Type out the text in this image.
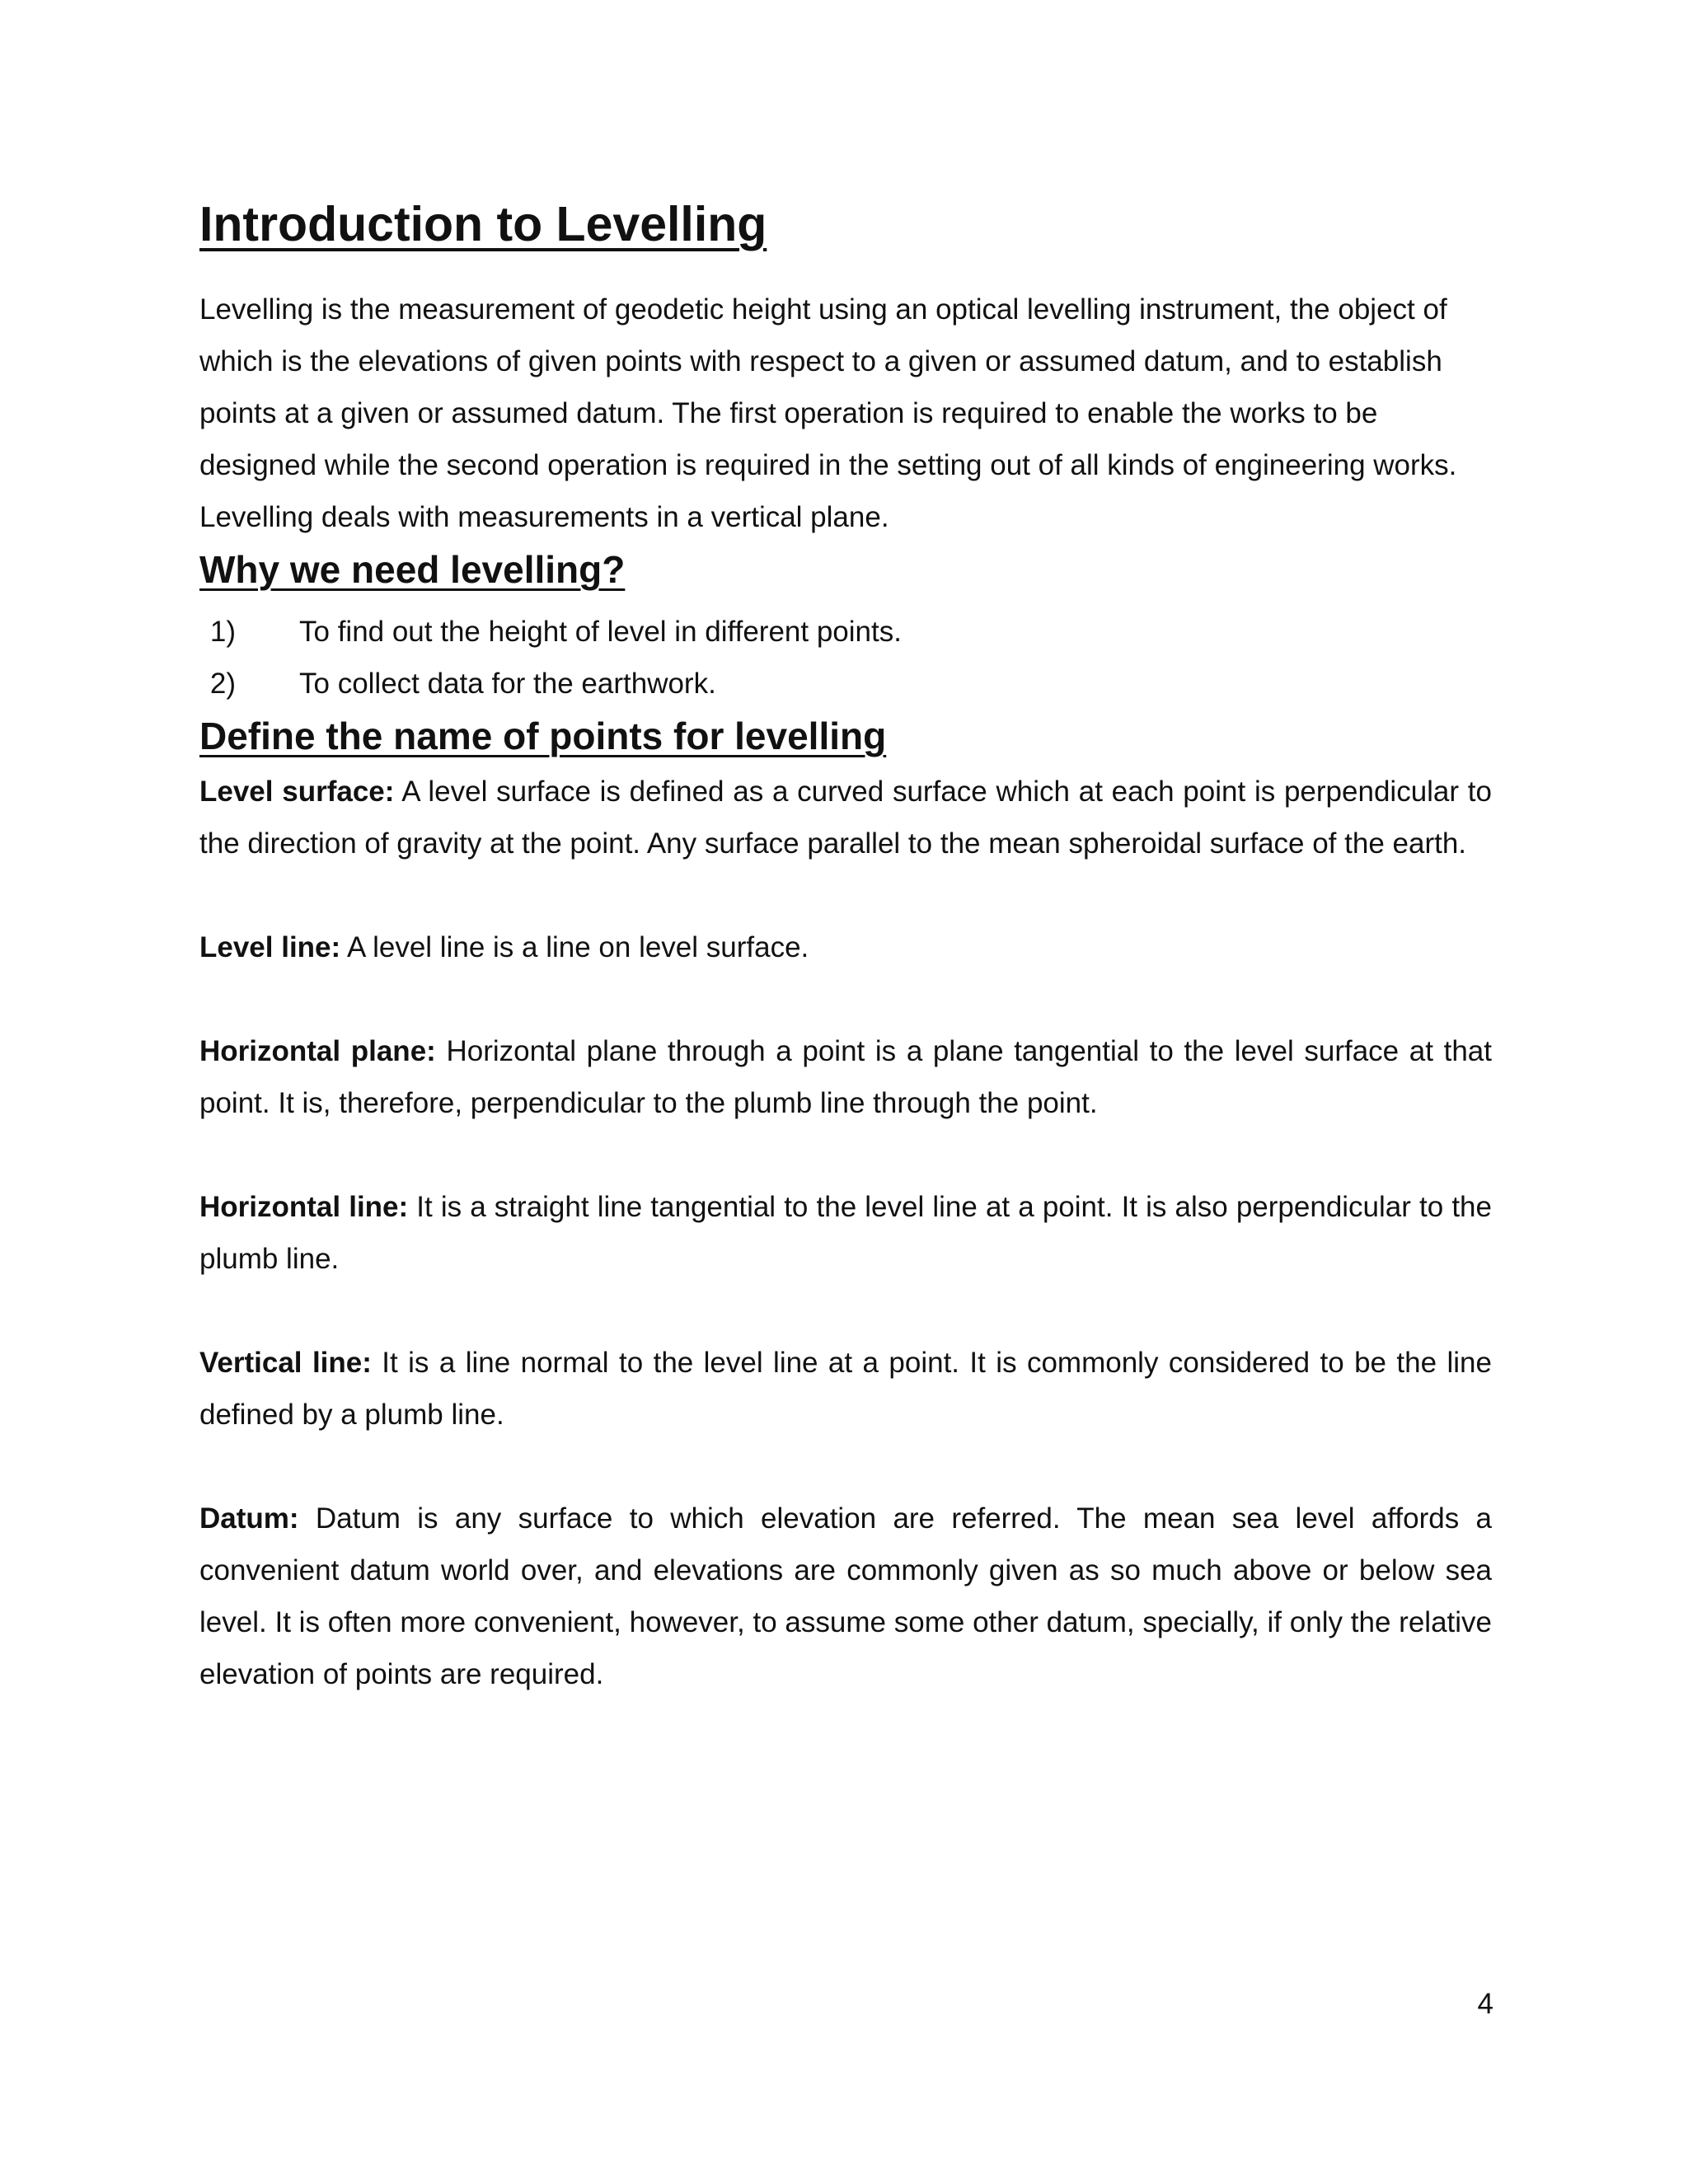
Introduction to Levelling

Levelling is the measurement of geodetic height using an optical levelling instrument, the object of which is the elevations of given points with respect to a given or assumed datum, and to establish points at a given or assumed datum. The first operation is required to enable the works to be designed while the second operation is required in the setting out of all kinds of engineering works. Levelling deals with measurements in a vertical plane.

Why we need levelling?
1) To find out the height of level in different points.
2) To collect data for the earthwork.
Define the name of points for levelling

Level surface: A level surface is defined as a curved surface which at each point is perpendicular to the direction of gravity at the point. Any surface parallel to the mean spheroidal surface of the earth.

Level line: A level line is a line on level surface.

Horizontal plane: Horizontal plane through a point is a plane tangential to the level surface at that point. It is, therefore, perpendicular to the plumb line through the point.

Horizontal line: It is a straight line tangential to the level line at a point. It is also perpendicular to the plumb line.

Vertical line: It is a line normal to the level line at a point. It is commonly considered to be the line defined by a plumb line.

Datum: Datum is any surface to which elevation are referred. The mean sea level affords a convenient datum world over, and elevations are commonly given as so much above or below sea level. It is often more convenient, however, to assume some other datum, specially, if only the relative elevation of points are required.

4
